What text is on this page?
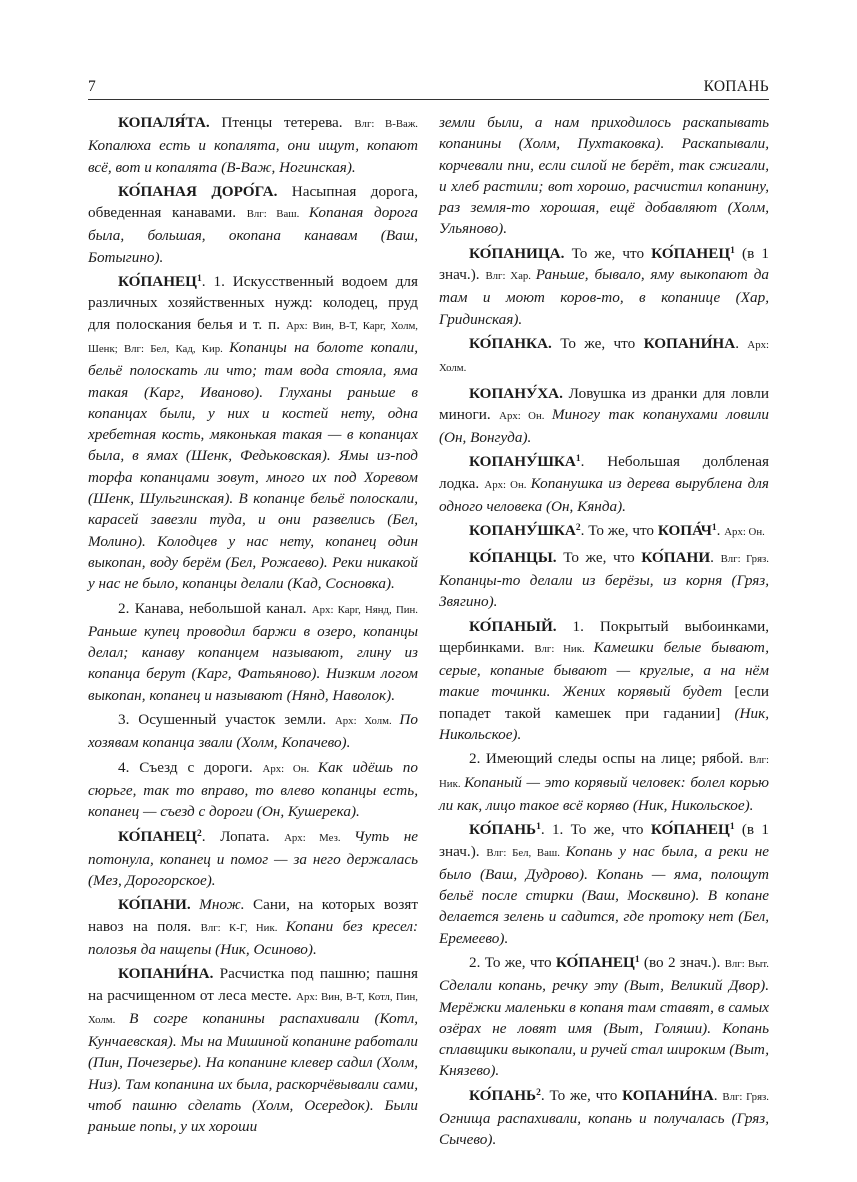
7	КОПАНЬ

КОПАЛЯ́ТА. Птенцы тетерева. Влг: В-Важ. Копалюха есть и копалята, они ищут, копают всё, вот и копалята (В-Важ, Ногинская).

КО́ПАНАЯ ДОРО́ГА. Насыпная дорога, обведенная канавами. Влг: Ваш. Копаная дорога была, большая, окопана канавам (Ваш, Ботыгино).

КО́ПАНЕЦ$^1$. 1. Искусственный водоем для различных хозяйственных нужд: колодец, пруд для полоскания белья и т. п. Арх: Вин, В-Т, Карг, Холм, Шенк; Влг: Бел, Кад, Кир. Копанцы на болоте копали, бельё полоскать ли что; там вода стояла, яма такая (Карг, Иваново). Глуханы раньше в копанцах были, у них и костей нету, одна хребетная кость, мяконькая такая — в копанцах была, в ямах (Шенк, Федьковская). Ямы из-под торфа копанцами зовут, много их под Хоревом (Шенк, Шульгинская). В копанце бельё полоскали, карасей завезли туда, и они развелись (Бел, Молино). Колодцев у нас нету, копанец один выкопан, воду берём (Бел, Рожаево). Реки никакой у нас не было, копанцы делали (Кад, Сосновка).

2. Канава, небольшой канал. Арх: Карг, Нянд, Пин. Раньше купец проводил баржи в озеро, копанцы делал; канаву копанцем называют, глину из копанца берут (Карг, Фатьяново). Низким логом выкопан, копанец и называют (Нянд, Наволок).

3. Осушенный участок земли. Арх: Холм. По хозявам копанца звали (Холм, Копачево).

4. Съезд с дороги. Арх: Он. Как идёшь по сюрьге, так то вправо, то влево копанцы есть, копанец — съезд с дороги (Он, Кушерека).

КО́ПАНЕЦ$^2$. Лопата. Арх: Мез. Чуть не потонула, копанец и помог — за него держалась (Мез, Дорогорское).

КО́ПАНИ. Множ. Сани, на которых возят навоз на поля. Влг: К-Г, Ник. Копани без кресел: полозья да нащепы (Ник, Осиново).

КОПАНИ́НА. Расчистка под пашню; пашня на расчищенном от леса месте. Арх: Вин, В-Т, Котл, Пин, Холм. В согре копанины распахивали (Котл, Кунчаевская). Мы на Мишиной копанине работали (Пин, Почезерье). На копанине клевер садил (Холм, Низ). Там копанина их была, раскорчёвывали сами, чтоб пашню сделать (Холм, Осередок). Были раньше попы, у их хороши

земли были, а нам приходилось раскапывать копанины (Холм, Пухтаковка). Раскапывали, корчевали пни, если силой не берёт, так сжигали, и хлеб растили; вот хорошо, расчистил копанину, раз земля-то хорошая, ещё добавляют (Холм, Ульяново).

КО́ПАНИЦА. То же, что КО́ПАНЕЦ$^1$ (в 1 знач.). Влг: Хар. Раньше, бывало, яму выкопают да там и моют коров-то, в копанице (Хар, Гридинская).

КО́ПАНКА. То же, что КОПАНИ́НА. Арх: Холм.

КОПАНУ́ХА. Ловушка из дранки для ловли миноги. Арх: Он. Миногу так копанухами ловили (Он, Вонгуда).

КОПАНУ́ШКА$^1$. Небольшая долбленая лодка. Арх: Он. Копанушка из дерева вырублена для одного человека (Он, Кянда).

КОПАНУ́ШКА$^2$. То же, что $КОПА́Ч^1$. Арх: Он.

КО́ПАНЦЫ. То же, что КО́ПАНИ. Влг: Гряз. Копанцы-то делали из берёзы, из корня (Гряз, Звягино).

КО́ПАНЫЙ. 1. Покрытый выбоинками, щербинками. Влг: Ник. Камешки белые бывают, серые, копаные бывают — круглые, а на нём такие точинки. Жених корявый будет [если попадет такой камешек при гадании] (Ник, Никольское).

2. Имеющий следы оспы на лице; рябой. Влг: Ник. Копаный — это корявый человек: болел корью ли как, лицо такое всё коряво (Ник, Никольское).

КО́ПАНЬ$^1$. 1. То же, что КО́ПАНЕЦ$^1$ (в 1 знач.). Влг: Бел, Ваш. Копань у нас была, а реки не было (Ваш, Дудрово). Копань — яма, полощут бельё после стирки (Ваш, Москвино). В копане делается зелень и садится, где протоку нет (Бел, Еремеево).

2. То же, что КО́ПАНЕЦ$^1$ (во 2 знач.). Влг: Выт. Сделали копань, речку эту (Выт, Великий Двор). Мерёжки маленьки в копаня там ставят, в самых озёрах не ловят имя (Выт, Голяши). Копань сплавщики выкопали, и ручей стал широким (Выт, Князево).

КО́ПАНЬ$^2$. То же, что КОПАНИ́НА. Влг: Гряз. Огнища распахивали, копань и получалась (Гряз, Сычево).
